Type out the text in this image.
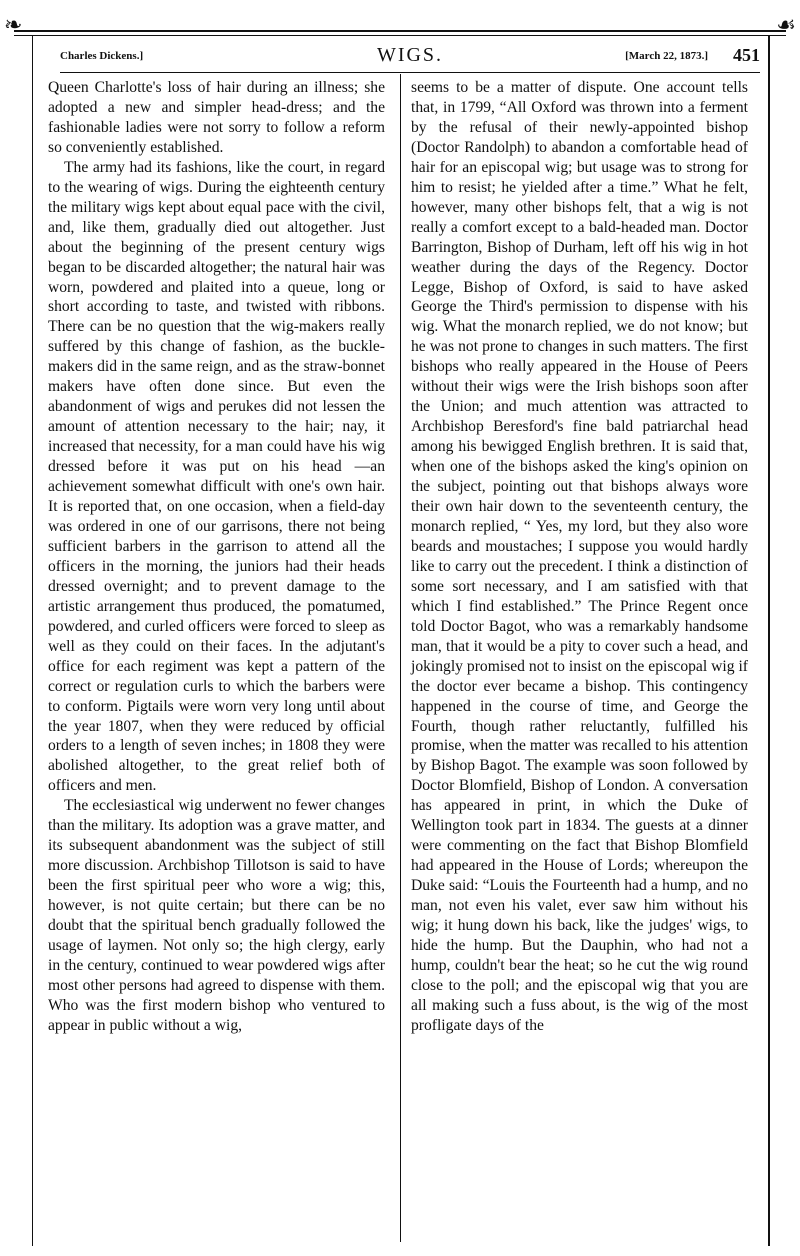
❧	☙
Charles Dickens.]	WIGS.	[March 22, 1873.] 451

Queen Charlotte's loss of hair during an illness; she adopted a new and simpler head-dress; and the fashionable ladies were not sorry to follow a reform so conveniently established.

The army had its fashions, like the court, in regard to the wearing of wigs. During the eighteenth century the military wigs kept about equal pace with the civil, and, like them, gradually died out altogether. Just about the beginning of the present century wigs began to be discarded altogether; the natural hair was worn, powdered and plaited into a queue, long or short according to taste, and twisted with ribbons. There can be no question that the wig-makers really suffered by this change of fashion, as the buckle-makers did in the same reign, and as the straw-bonnet makers have often done since. But even the abandonment of wigs and perukes did not lessen the amount of attention necessary to the hair; nay, it increased that necessity, for a man could have his wig dressed before it was put on his head —an achievement somewhat difficult with one's own hair. It is reported that, on one occasion, when a field-day was ordered in one of our garrisons, there not being sufficient barbers in the garrison to attend all the officers in the morning, the juniors had their heads dressed overnight; and to prevent damage to the artistic arrangement thus produced, the pomatumed, powdered, and curled officers were forced to sleep as well as they could on their faces. In the adjutant's office for each regiment was kept a pattern of the correct or regulation curls to which the barbers were to conform. Pigtails were worn very long until about the year 1807, when they were reduced by official orders to a length of seven inches; in 1808 they were abolished altogether, to the great relief both of officers and men.

The ecclesiastical wig underwent no fewer changes than the military. Its adoption was a grave matter, and its subsequent abandonment was the subject of still more discussion. Archbishop Tillotson is said to have been the first spiritual peer who wore a wig; this, however, is not quite certain; but there can be no doubt that the spiritual bench gradually followed the usage of laymen. Not only so; the high clergy, early in the century, continued to wear powdered wigs after most other persons had agreed to dispense with them. Who was the first modern bishop who ventured to appear in public without a wig,

seems to be a matter of dispute. One account tells that, in 1799, “All Oxford was thrown into a ferment by the refusal of their newly-appointed bishop (Doctor Randolph) to abandon a comfortable head of hair for an episcopal wig; but usage was to strong for him to resist; he yielded after a time.” What he felt, however, many other bishops felt, that a wig is not really a comfort except to a bald-headed man. Doctor Barrington, Bishop of Durham, left off his wig in hot weather during the days of the Regency. Doctor Legge, Bishop of Oxford, is said to have asked George the Third's permission to dispense with his wig. What the monarch replied, we do not know; but he was not prone to changes in such matters. The first bishops who really appeared in the House of Peers without their wigs were the Irish bishops soon after the Union; and much attention was attracted to Archbishop Beresford's fine bald patriarchal head among his bewigged English brethren. It is said that, when one of the bishops asked the king's opinion on the subject, pointing out that bishops always wore their own hair down to the seventeenth century, the monarch replied, “ Yes, my lord, but they also wore beards and moustaches; I suppose you would hardly like to carry out the precedent. I think a distinction of some sort necessary, and I am satisfied with that which I find established.” The Prince Regent once told Doctor Bagot, who was a remarkably handsome man, that it would be a pity to cover such a head, and jokingly promised not to insist on the episcopal wig if the doctor ever became a bishop. This contingency happened in the course of time, and George the Fourth, though rather reluctantly, fulfilled his promise, when the matter was recalled to his attention by Bishop Bagot. The example was soon followed by Doctor Blomfield, Bishop of London. A conversation has appeared in print, in which the Duke of Wellington took part in 1834. The guests at a dinner were commenting on the fact that Bishop Blomfield had appeared in the House of Lords; whereupon the Duke said: “Louis the Fourteenth had a hump, and no man, not even his valet, ever saw him without his wig; it hung down his back, like the judges' wigs, to hide the hump. But the Dauphin, who had not a hump, couldn't bear the heat; so he cut the wig round close to the poll; and the episcopal wig that you are all making such a fuss about, is the wig of the most profligate days of the
